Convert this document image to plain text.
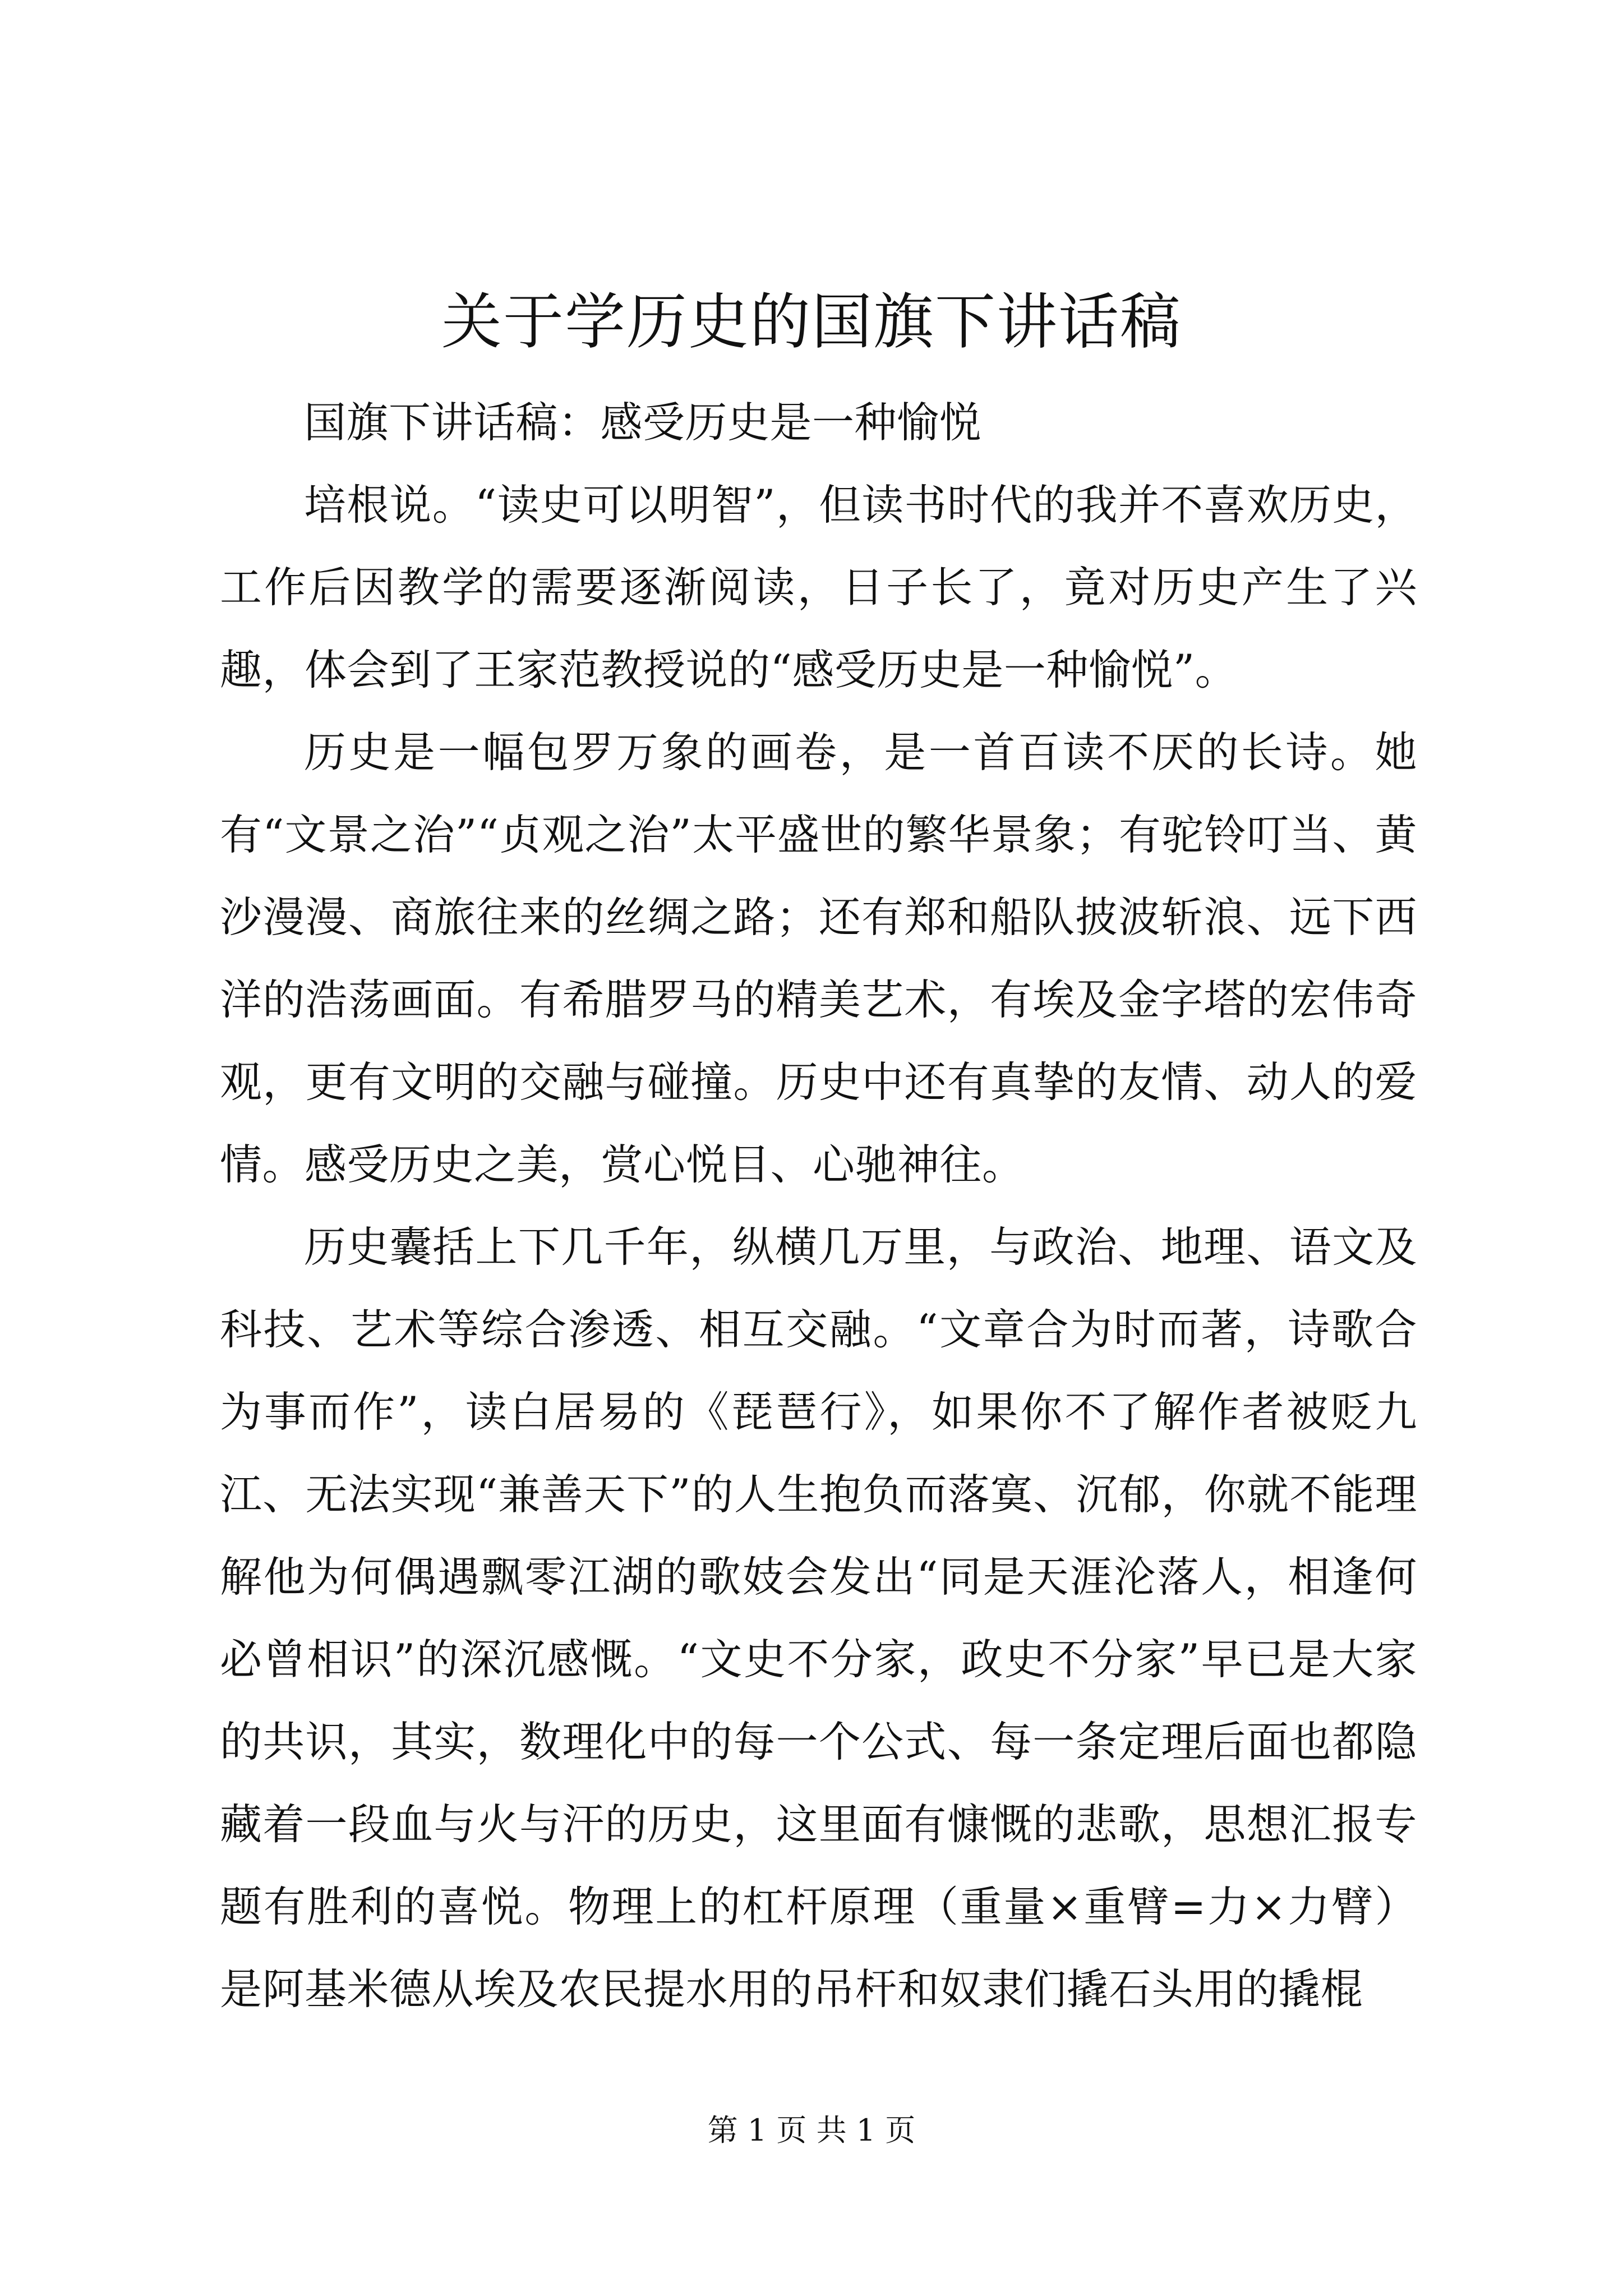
关于学历史的国旗下讲话稿

国旗下讲话稿：感受历史是一种愉悦

培根说。“读史可以明智”，但读书时代的我并不喜欢历史，工作后因教学的需要逐渐阅读，日子长了，竟对历史产生了兴趣，体会到了王家范教授说的“感受历史是一种愉悦”。

历史是一幅包罗万象的画卷，是一首百读不厌的长诗。她有“文景之治”“贞观之治”太平盛世的繁华景象；有驼铃叮当、黄沙漫漫、商旅往来的丝绸之路；还有郑和船队披波斩浪、远下西洋的浩荡画面。有希腊罗马的精美艺术，有埃及金字塔的宏伟奇观，更有文明的交融与碰撞。历史中还有真挚的友情、动人的爱情。感受历史之美，赏心悦目、心驰神往。

历史囊括上下几千年，纵横几万里，与政治、地理、语文及科技、艺术等综合渗透、相互交融。“文章合为时而著，诗歌合为事而作”，读白居易的《琵琶行》，如果你不了解作者被贬九江、无法实现“兼善天下”的人生抱负而落寞、沉郁，你就不能理解他为何偶遇飘零江湖的歌妓会发出“同是天涯沦落人，相逢何必曾相识”的深沉感慨。“文史不分家，政史不分家”早已是大家的共识，其实，数理化中的每一个公式、每一条定理后面也都隐藏着一段血与火与汗的历史，这里面有慷慨的悲歌，思想汇报专题有胜利的喜悦。物理上的杠杆原理（重量×重臂=力×力臂）是阿基米德从埃及农民提水用的吊杆和奴隶们撬石头用的撬棍

第 1 页 共 1 页
